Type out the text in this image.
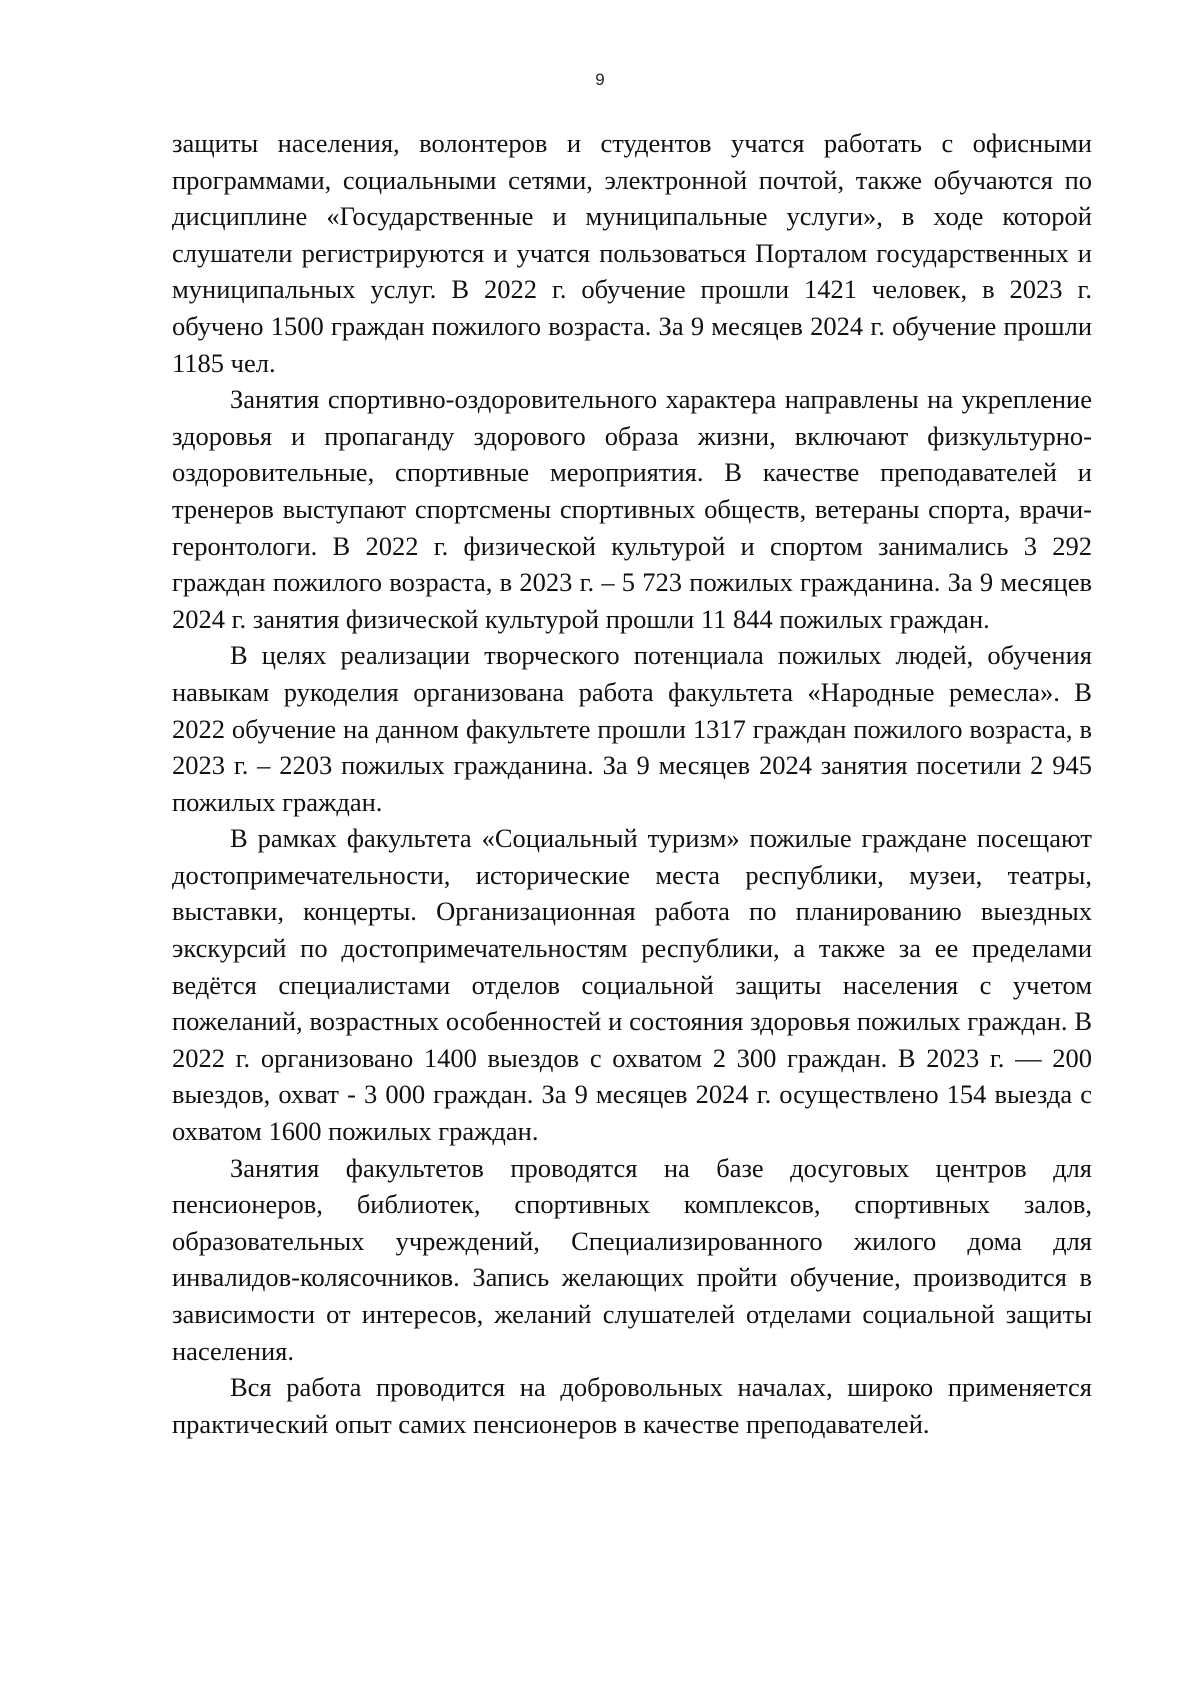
9

защиты населения, волонтеров и студентов учатся работать с офисными программами, социальными сетями, электронной почтой, также обучаются по дисциплине «Государственные и муниципальные услуги», в ходе которой слушатели регистрируются и учатся пользоваться Порталом государственных и муниципальных услуг. В 2022 г. обучение прошли 1421 человек, в 2023 г. обучено 1500 граждан пожилого возраста. За 9 месяцев 2024 г. обучение прошли 1185 чел.

Занятия спортивно-оздоровительного характера направлены на укрепление здоровья и пропаганду здорового образа жизни, включают физкультурно-оздоровительные, спортивные мероприятия. В качестве преподавателей и тренеров выступают спортсмены спортивных обществ, ветераны спорта, врачи-геронтологи. В 2022 г. физической культурой и спортом занимались 3 292 граждан пожилого возраста, в 2023 г. – 5 723 пожилых гражданина. За 9 месяцев 2024 г. занятия физической культурой прошли 11 844 пожилых граждан.

В целях реализации творческого потенциала пожилых людей, обучения навыкам рукоделия организована работа факультета «Народные ремесла». В 2022 обучение на данном факультете прошли 1317 граждан пожилого возраста, в 2023 г. – 2203 пожилых гражданина. За 9 месяцев 2024 занятия посетили 2 945 пожилых граждан.

В рамках факультета «Социальный туризм» пожилые граждане посещают достопримечательности, исторические места республики, музеи, театры, выставки, концерты. Организационная работа по планированию выездных экскурсий по достопримечательностям республики, а также за ее пределами ведётся специалистами отделов социальной защиты населения с учетом пожеланий, возрастных особенностей и состояния здоровья пожилых граждан. В 2022 г. организовано 1400 выездов с охватом 2 300 граждан. В 2023 г. — 200 выездов, охват - 3 000 граждан. За 9 месяцев 2024 г. осуществлено 154 выезда с охватом 1600 пожилых граждан.

Занятия факультетов проводятся на базе досуговых центров для пенсионеров, библиотек, спортивных комплексов, спортивных залов, образовательных учреждений, Специализированного жилого дома для инвалидов-колясочников. Запись желающих пройти обучение, производится в зависимости от интересов, желаний слушателей отделами социальной защиты населения.

Вся работа проводится на добровольных началах, широко применяется практический опыт самих пенсионеров в качестве преподавателей.
